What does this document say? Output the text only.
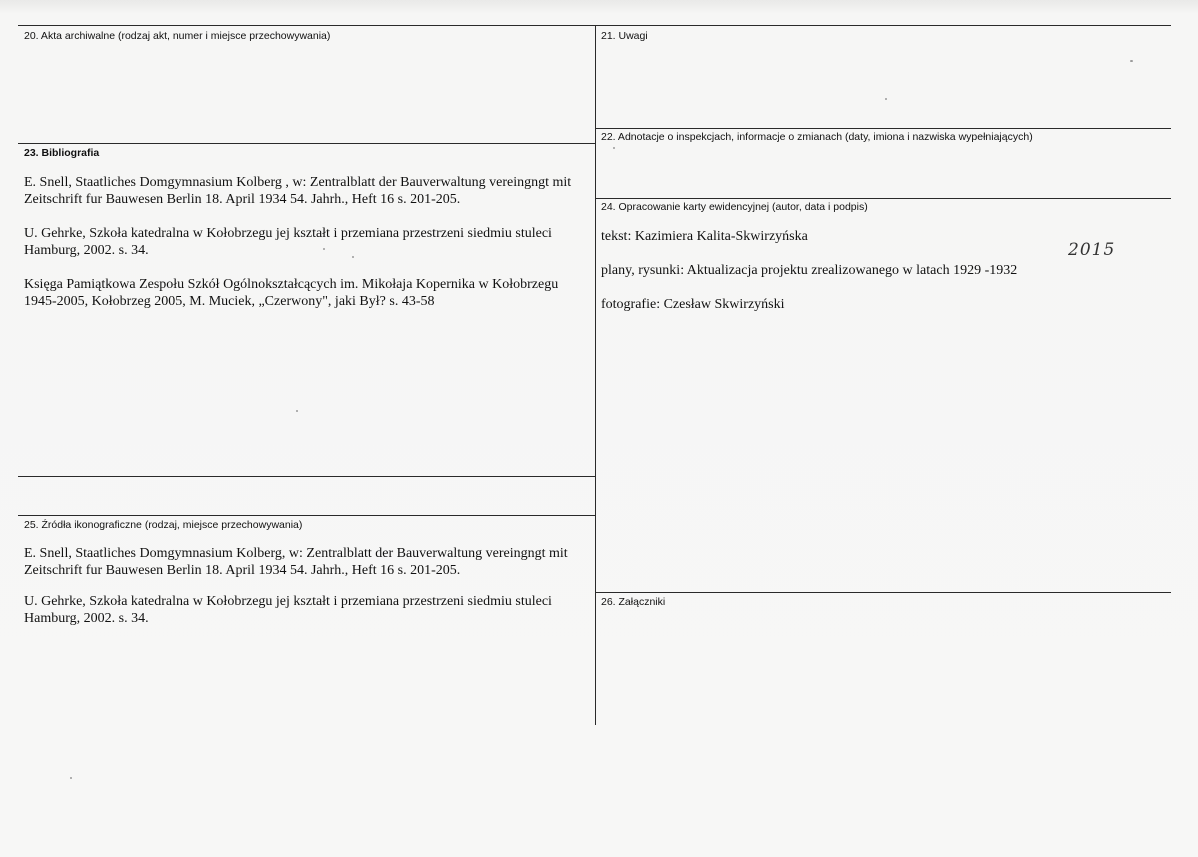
20. Akta archiwalne (rodzaj akt, numer i miejsce przechowywania)	21. Uwagi
22. Adnotacje o inspekcjach, informacje o zmianach (daty, imiona i nazwiska wypełniających)
23. Bibliografia
E. Snell, Staatliches Domgymnasium Kolberg , w: Zentralblatt der Bauverwaltung vereingngt mit
Zeitschrift fur Bauwesen Berlin 18. April 1934 54. Jahrh., Heft 16 s. 201-205.
U. Gehrke, Szkoła katedralna w Kołobrzegu jej kształt i przemiana przestrzeni siedmiu stuleci
Hamburg, 2002. s. 34.
Księga Pamiątkowa Zespołu Szkół Ogólnokształcących im. Mikołaja Kopernika w Kołobrzegu
1945-2005, Kołobrzeg 2005, M. Muciek, „Czerwony", jaki Był? s. 43-58
24. Opracowanie karty ewidencyjnej (autor, data i podpis)
tekst: Kazimiera Kalita-Skwirzyńska
plany, rysunki: Aktualizacja projektu zrealizowanego w latach 1929 -1932
fotografie: Czesław Skwirzyński
2015
25. Źródła ikonograficzne (rodzaj, miejsce przechowywania)
E. Snell, Staatliches Domgymnasium Kolberg, w: Zentralblatt der Bauverwaltung vereingngt mit
Zeitschrift fur Bauwesen Berlin 18. April 1934 54. Jahrh., Heft 16 s. 201-205.
U. Gehrke, Szkoła katedralna w Kołobrzegu jej kształt i przemiana przestrzeni siedmiu stuleci
Hamburg, 2002. s. 34.
26. Załączniki
